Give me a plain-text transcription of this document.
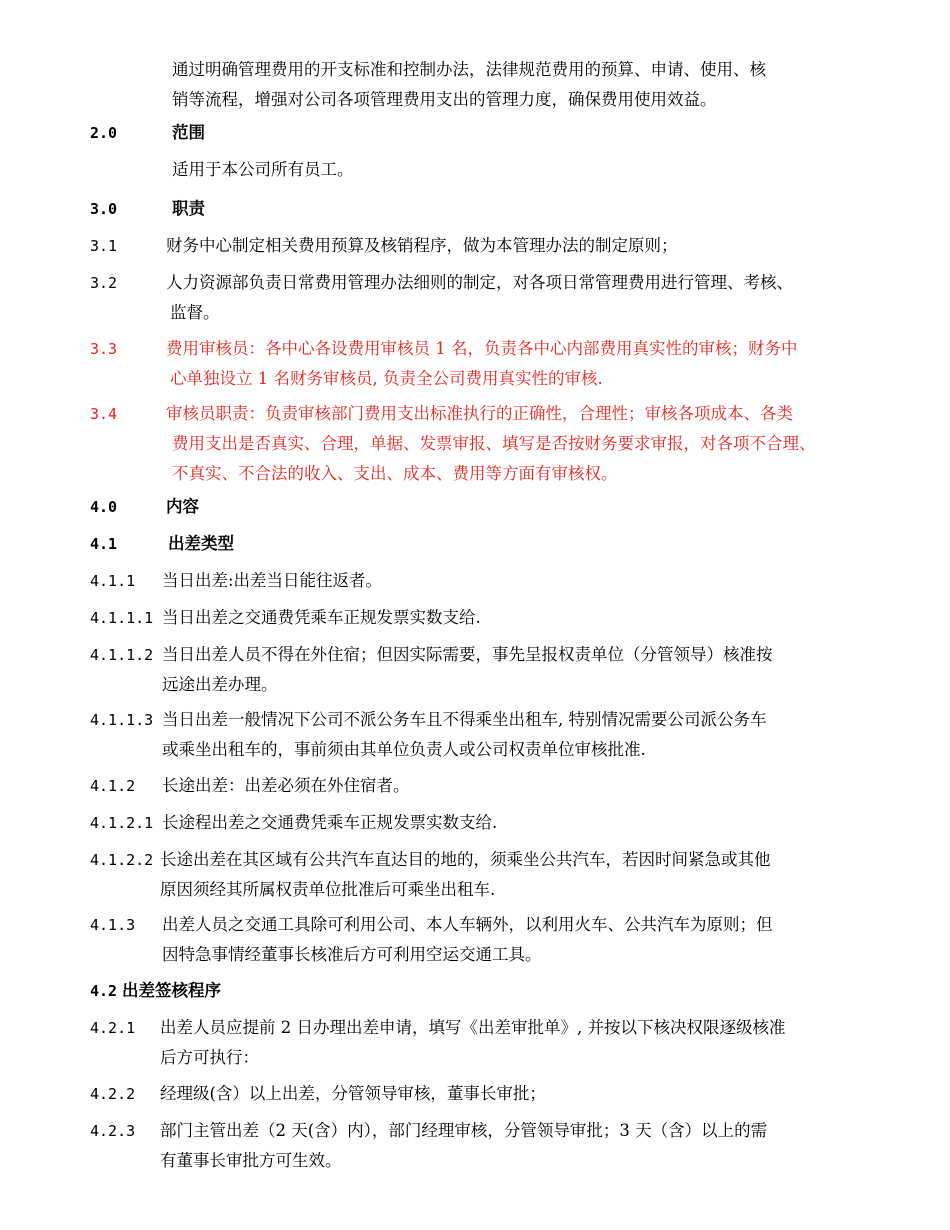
通过明确管理费用的开支标准和控制办法，法律规范费用的预算、申请、使用、核
销等流程，增强对公司各项管理费用支出的管理力度，确保费用使用效益。
2.0	范围
适用于本公司所有员工。
3.0	职责
3.1	财务中心制定相关费用预算及核销程序，做为本管理办法的制定原则；
3.2	人力资源部负责日常费用管理办法细则的制定，对各项日常管理费用进行管理、考核、
监督。
3.3	费用审核员：各中心各设费用审核员 1 名，负责各中心内部费用真实性的审核；财务中
心单独设立 1 名财务审核员, 负责全公司费用真实性的审核.
3.4	审核员职责：负责审核部门费用支出标准执行的正确性，合理性；审核各项成本、各类
费用支出是否真实、合理，单据、发票审报、填写是否按财务要求审报，对各项不合理、
不真实、不合法的收入、支出、成本、费用等方面有审核权。
4.0	内容
4.1	出差类型
4.1.1 当日出差:出差当日能往返者。
4.1.1.1 当日出差之交通费凭乘车正规发票实数支给.
4.1.1.2 当日出差人员不得在外住宿；但因实际需要，事先呈报权责单位（分管领导）核准按
远途出差办理。
4.1.1.3 当日出差一般情况下公司不派公务车且不得乘坐出租车, 特别情况需要公司派公务车
或乘坐出租车的，事前须由其单位负责人或公司权责单位审核批准.
4.1.2 长途出差：出差必须在外住宿者。
4.1.2.1 长途程出差之交通费凭乘车正规发票实数支给.
4.1.2.2 长途出差在其区域有公共汽车直达目的地的，须乘坐公共汽车，若因时间紧急或其他
原因须经其所属权责单位批准后可乘坐出租车.
4.1.3 出差人员之交通工具除可利用公司、本人车辆外，以利用火车、公共汽车为原则；但
因特急事情经董事长核准后方可利用空运交通工具。
4.2 出差签核程序
4.2.1 出差人员应提前 2 日办理出差申请，填写《出差审批单》, 并按以下核决权限逐级核准
后方可执行：
4.2.2 经理级(含）以上出差，分管领导审核，董事长审批；
4.2.3 部门主管出差（2 天(含）内），部门经理审核，分管领导审批；3 天（含）以上的需
有董事长审批方可生效。
